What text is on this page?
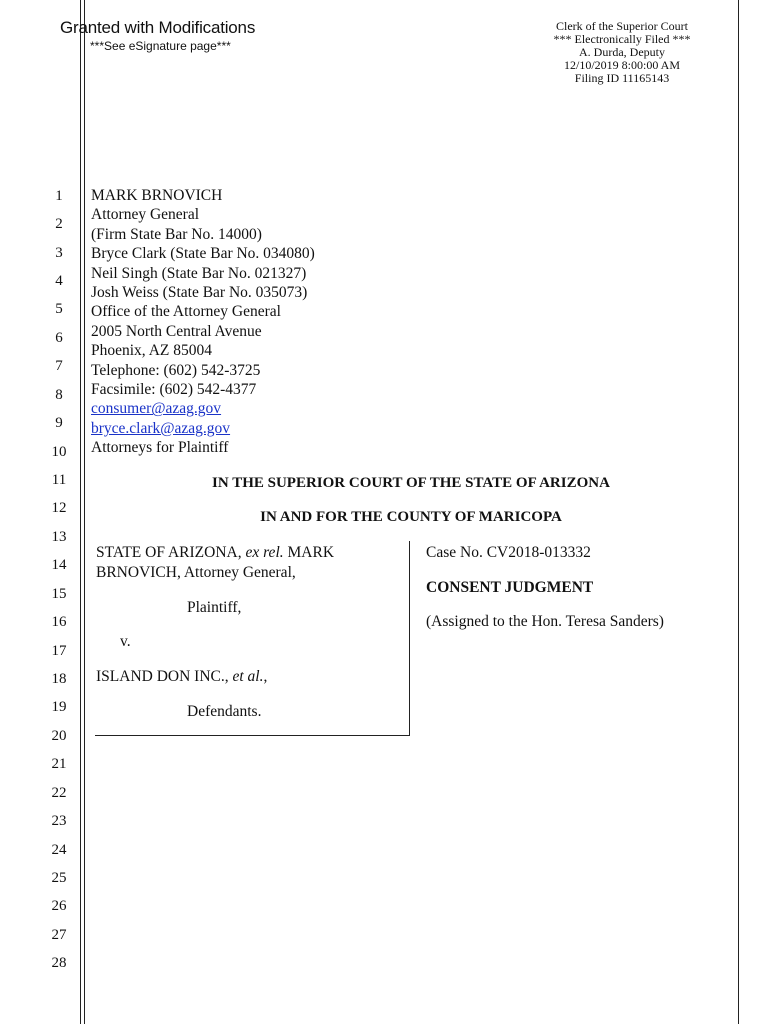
Granted with Modifications
***See eSignature page***
Clerk of the Superior Court
*** Electronically Filed ***
A. Durda, Deputy
12/10/2019 8:00:00 AM
Filing ID 11165143
1
2
3
4
5
6
7
8
9
10
11
12
13
14
15
16
17
18
19
20
21
22
23
24
25
26
27
28
MARK BRNOVICH
Attorney General
(Firm State Bar No. 14000)
Bryce Clark (State Bar No. 034080)
Neil Singh (State Bar No. 021327)
Josh Weiss (State Bar No. 035073)
Office of the Attorney General
2005 North Central Avenue
Phoenix, AZ 85004
Telephone: (602) 542-3725
Facsimile: (602) 542-4377
consumer@azag.gov
bryce.clark@azag.gov
Attorneys for Plaintiff
IN THE SUPERIOR COURT OF THE STATE OF ARIZONA
IN AND FOR THE COUNTY OF MARICOPA
STATE OF ARIZONA, ex rel. MARK
BRNOVICH, Attorney General,
Plaintiff,
v.
ISLAND DON INC., et al.,
Defendants.
Case No. CV2018-013332
CONSENT JUDGMENT
(Assigned to the Hon. Teresa Sanders)
